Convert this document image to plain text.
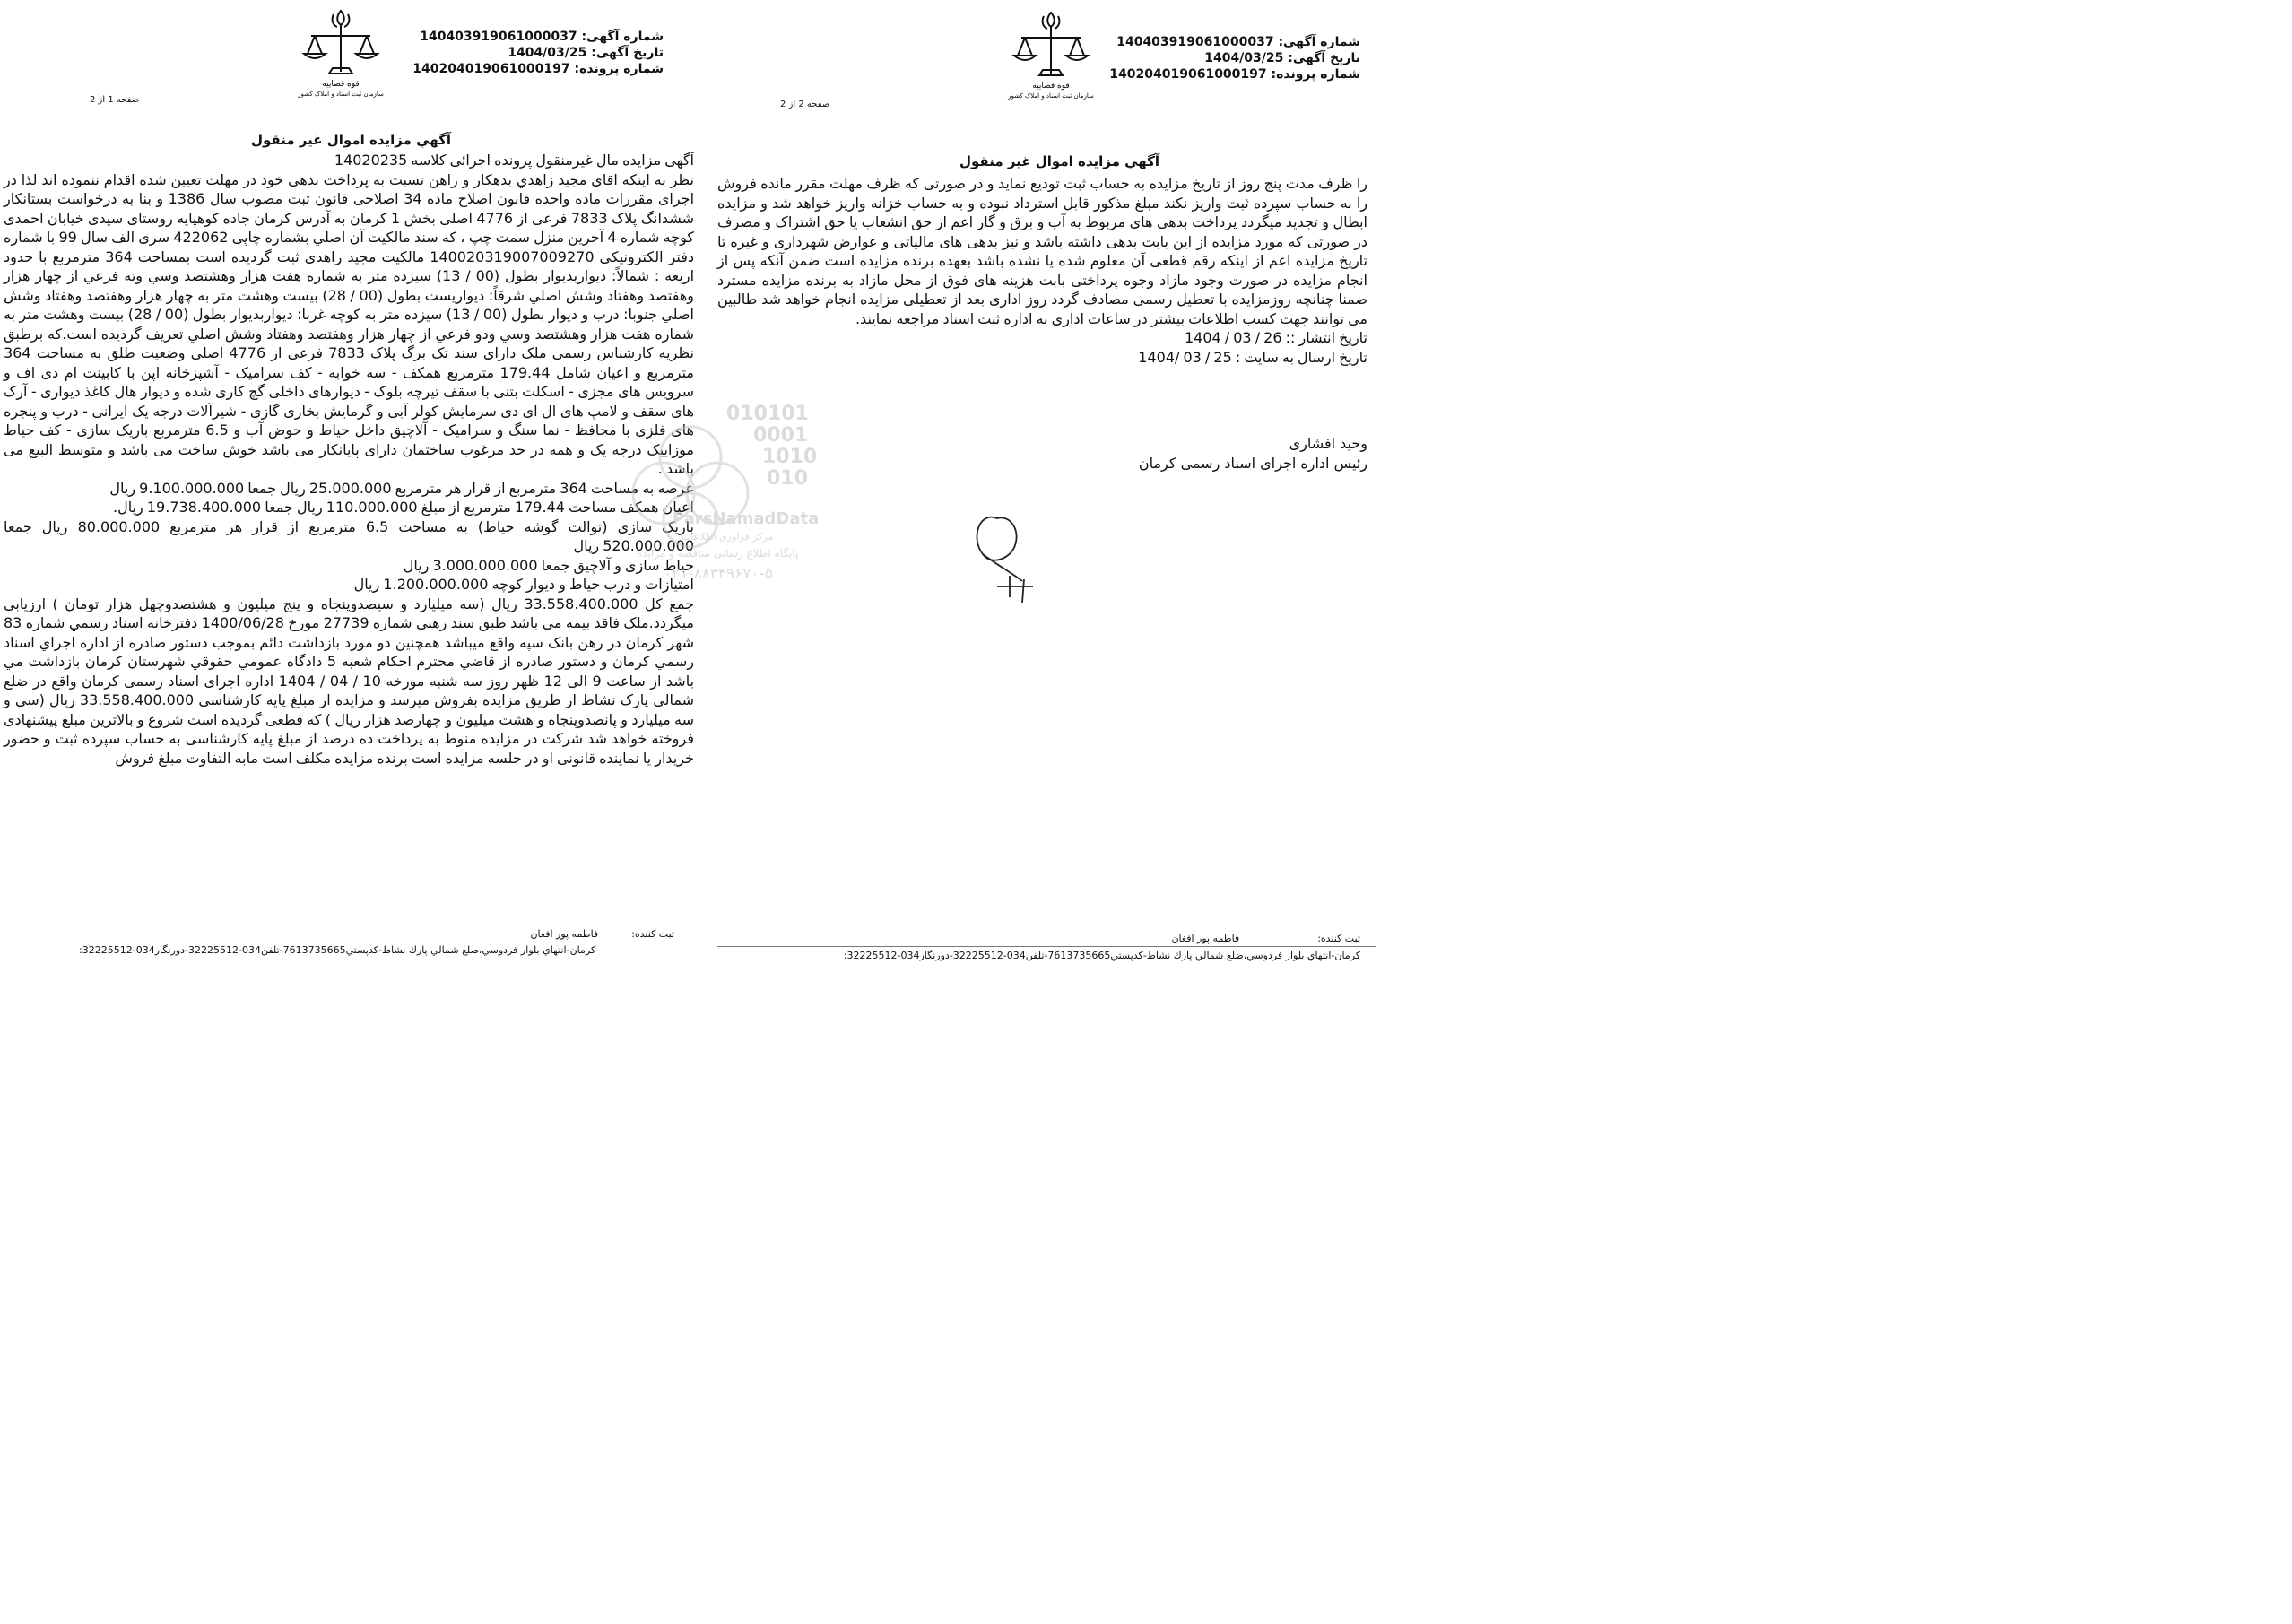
شماره آگهی: 140403919061000037
تاریخ آگهی: 1404/03/25
شماره پرونده: 140204019061000197
قوه قضاییه
سازمان ثبت اسناد و املاک کشور
صفحه 1 از 2
آگهي مزايده اموال غير منقول

آگهی مزایده مال غیرمنقول پرونده اجرائی کلاسه 14020235

نظر به اینکه اقای مجید زاهدي بدهکار و راهن نسبت به پرداخت بدهی خود در مهلت تعیین شده اقدام ننموده اند لذا در اجرای مقررات ماده واحده قانون اصلاح ماده 34 اصلاحی قانون ثبت مصوب سال 1386 و بنا به درخواست بستانکار ششدانگ پلاک 7833 فرعی از 4776 اصلی بخش 1 کرمان به آدرس کرمان جاده کوهپایه روستای سیدی خیابان احمدی کوچه شماره 4 آخرین منزل سمت چپ ، که سند مالکیت آن اصلي بشماره چاپی 422062 سری الف سال 99 با شماره دفتر الکترونیکی 140020319007009270 مالکیت مجید زاهدی ثبت گردیده است بمساحت 364 مترمربع با حدود اربعه : شمالاً: ديواربديوار بطول (00 / 13) سيزده متر به شماره هفت هزار وهشتصد وسي وته فرعي از چهار هزار وهفتصد وهفتاد وشش اصلي شرقاً: ديواريست بطول (00 / 28) بيست وهشت متر به چهار هزار وهفتصد وهفتاد وشش اصلي جنوبا: درب و ديوار بطول (00 / 13) سيزده متر به كوچه غربا: ديواربديوار بطول (00 / 28) بيست وهشت متر به شماره هفت هزار وهشتصد وسي ودو فرعي از چهار هزار وهفتصد وهفتاد وشش اصلي تعريف گرديده است.که برطبق نظریه کارشناس رسمی ملک دارای سند تک برگ پلاک 7833 فرعی از 4776 اصلی وضعیت طلق به مساحت 364 مترمربع و اعیان شامل 179.44 مترمربع همکف - سه خوابه - کف سرامیک - آشپزخانه اپن با کابینت ام دی اف و سرویس های مجزی - اسکلت بتنی با سقف تیرچه بلوک - دیوارهای داخلی گچ کاری شده و دیوار هال کاغذ دیواری - آرک های سقف و لامپ های ال ای دی سرمایش کولر آبی و گرمایش بخاری گازی - شیرآلات درجه یک ایرانی - درب و پنجره های فلزی با محافظ - نما سنگ و سرامیک - آلاچیق داخل حیاط و حوض آب و 6.5 مترمربع باریک سازی - کف حیاط موزاییک درجه یک و همه در حد مرغوب ساختمان دارای پایانکار می باشد خوش ساخت می باشد و متوسط البیع می باشد .

عرصه به مساحت 364 مترمربع از قرار هر مترمربع 25.000.000 ریال جمعا 9.100.000.000 ریال

اعیان همکف مساحت 179.44 مترمربع از مبلغ 110.000.000 ریال جمعا 19.738.400.000 ریال.

باریک سازی (توالت گوشه حیاط) به مساحت 6.5 مترمربع از قرار هر مترمربع 80.000.000 ریال جمعا 520.000.000 ریال

حیاط سازی و آلاچیق جمعا 3.000.000.000 ریال

امتیازات و درب حیاط و دیوار کوچه 1.200.000.000 ریال

جمع کل 33.558.400.000 ریال (سه میلیارد و سیصدوپنجاه و پنج میلیون و هشتصدوچهل هزار تومان ) ارزیابی میگردد.ملک فاقد بیمه می باشد طبق سند رهنی شماره 27739 مورخ 1400/06/28 دفترخانه اسناد رسمي شماره 83 شهر کرمان در رهن بانک سپه واقع میباشد همچنين دو مورد بازداشت دائم بموجب دستور صادره از اداره اجراي اسناد رسمي كرمان و دستور صادره از قاضي محترم احكام شعبه 5 دادگاه عمومي حقوقي شهرستان كرمان بازداشت مي باشد از ساعت 9 الی 12 ظهر روز سه شنبه مورخه 10 / 04 / 1404 اداره اجرای اسناد رسمی کرمان واقع در ضلع شمالی پارک نشاط از طریق مزایده بفروش میرسد و مزایده از مبلغ پایه کارشناسی 33.558.400.000 ریال (سي و سه میلیارد و پانصدوپنجاه و هشت میلیون و چهارصد هزار ریال ) که قطعی گردیده است شروع و بالاترین مبلغ پیشنهادی فروخته خواهد شد شرکت در مزایده منوط به پرداخت ده درصد از مبلغ پایه کارشناسی به حساب سپرده ثبت و حضور خریدار یا نماینده قانونی او در جلسه مزایده است برنده مزایده مکلف است مابه التفاوت مبلغ فروش

ثبت کننده:  فاطمه پور افغان
کرمان-انتهاي بلوار فردوسي،ضلع شمالي پارك نشاط-كدپستي7613735665-تلفن034-32225512-دورنگار034-32225512:
010101
0001
1010
010
ParsNamadData
مرکز فراوری اطلاعات
پایگاه اطلاع رسانی مناقصه و مزایده
۰۲۱-۸۸۳۴۹۶۷۰-۵
شماره آگهی: 140403919061000037
تاریخ آگهی: 1404/03/25
شماره پرونده: 140204019061000197
قوه قضاییه
سازمان ثبت اسناد و املاک کشور
صفحه 2 از 2
آگهي مزايده اموال غير منقول

را ظرف مدت پنج روز از تاریخ مزایده به حساب ثبت تودیع نماید و در صورتی که ظرف مهلت مقرر مانده فروش را به حساب سپرده ثبت واریز نکند مبلغ مذکور قابل استرداد نبوده و به حساب خزانه واریز خواهد شد و مزایده ابطال و تجدید میگردد پرداخت بدهی های مربوط به آب و برق و گاز اعم از حق انشعاب یا حق اشتراک و مصرف در صورتی که مورد مزایده از این بابت بدهی داشته باشد و نیز بدهی های مالیاتی و عوارض شهرداری و غیره تا تاریخ مزایده اعم از اینکه رقم قطعی آن معلوم شده یا نشده باشد بعهده برنده مزایده است ضمن آنکه پس از انجام مزایده در صورت وجود مازاد وجوه پرداختی بابت هزینه های فوق از محل مازاد به برنده مزایده مسترد ضمنا چنانچه روزمزایده با تعطیل رسمی مصادف گردد روز اداری بعد از تعطیلی مزایده انجام خواهد شد طالبین می توانند جهت کسب اطلاعات بیشتر در ساعات اداری به اداره ثبت اسناد مراجعه نمایند.

تاریخ انتشار :: 26 / 03 / 1404

تاریخ ارسال به سایت : 25 / 03 /1404

وحید افشاری

رئیس اداره اجرای اسناد رسمی کرمان

ثبت کننده:  فاطمه پور افغان
کرمان-انتهاي بلوار فردوسي،ضلع شمالي پارك نشاط-كدپستي7613735665-تلفن034-32225512-دورنگار034-32225512:
